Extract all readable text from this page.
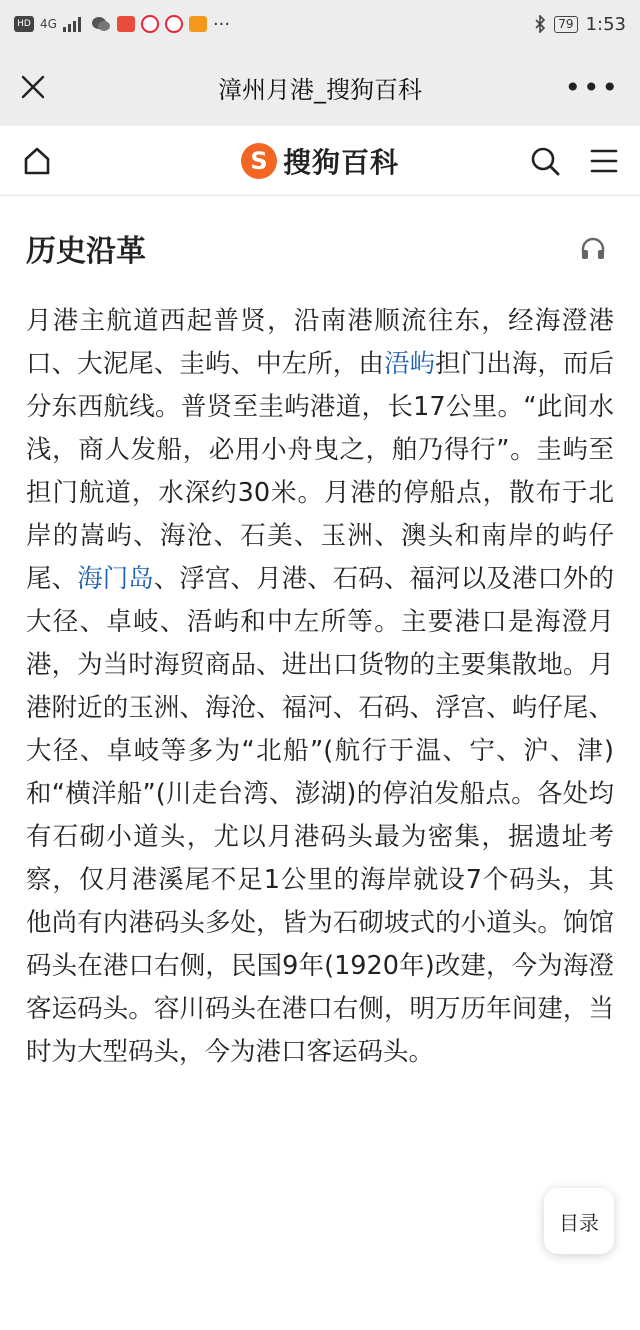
HD 4G	···	79 1:53
漳州月港_搜狗百科	•••
S 搜狗百科
历史沿革

月港主航道西起普贤，沿南港顺流往东，经海澄港口、大泥尾、圭屿、中左所，由浯屿担门出海，而后分东西航线。普贤至圭屿港道，长17公里。“此间水浅，商人发船，必用小舟曳之，舶乃得行”。圭屿至担门航道，水深约30米。月港的停船点，散布于北岸的嵩屿、海沧、石美、玉洲、澳头和南岸的屿仔尾、海门岛、浮宫、月港、石码、福河以及港口外的大径、卓岐、浯屿和中左所等。主要港口是海澄月港，为当时海贸商品、进出口货物的主要集散地。月港附近的玉洲、海沧、福河、石码、浮宫、屿仔尾、大径、卓岐等多为“北船”(航行于温、宁、沪、津)和“横洋船”(川走台湾、澎湖)的停泊发船点。各处均有石砌小道头，尤以月港码头最为密集，据遗址考察，仅月港溪尾不足1公里的海岸就设7个码头，其他尚有内港码头多处，皆为石砌坡式的小道头。饷馆码头在港口右侧，民国9年(1920年)改建，今为海澄客运码头。容川码头在港口右侧，明万历年间建，当时为大型码头，今为港口客运码头。

目录
